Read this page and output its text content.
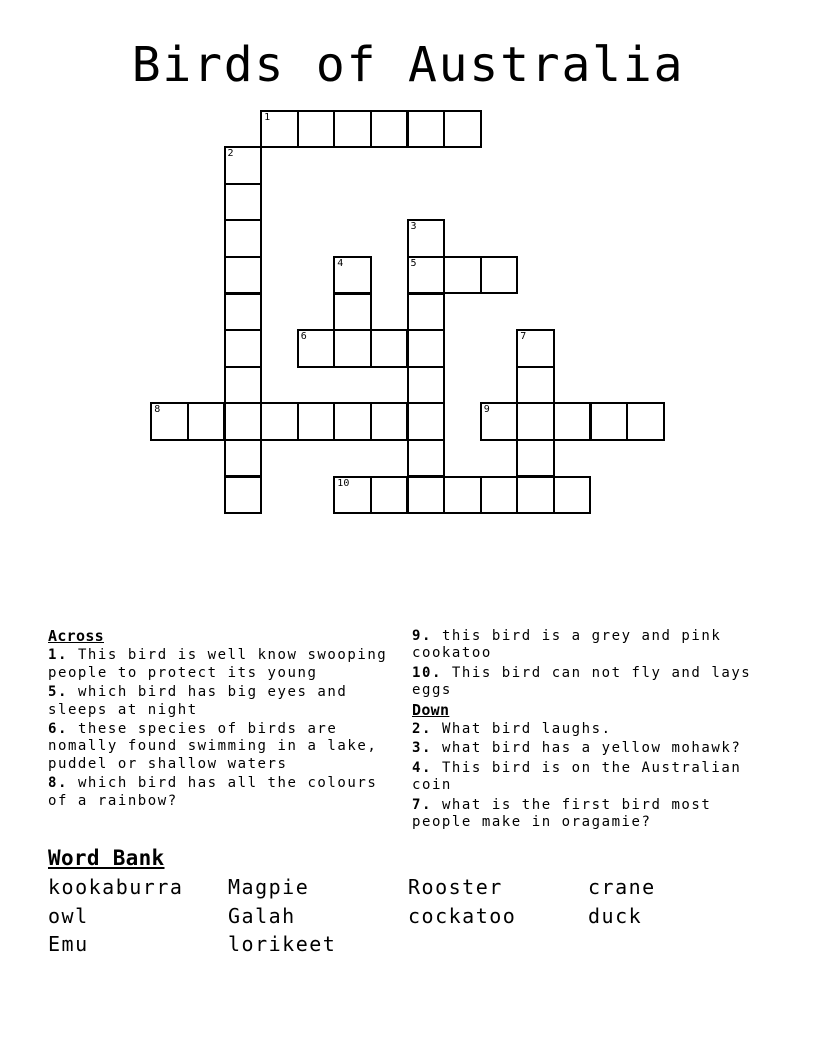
Birds of Australia
1
2
3
5
4
6	7
8	9
10
Across
1. This bird is well know swooping people to protect its young
5. which bird has big eyes and sleeps at night
6. these species of birds are nomally found swimming in a lake, puddel or shallow waters
8. which bird has all the colours of a rainbow?
9. this bird is a grey and pink cookatoo
10. This bird can not fly and lays eggs
Down
2. What bird laughs.
3. what bird has a yellow mohawk?
4. This bird is on the Australian coin
7. what is the first bird most people make in oragamie?
Word Bank
kookaburra	Magpie	Rooster	crane
owl	Galah	cockatoo	duck
Emu	lorikeet
